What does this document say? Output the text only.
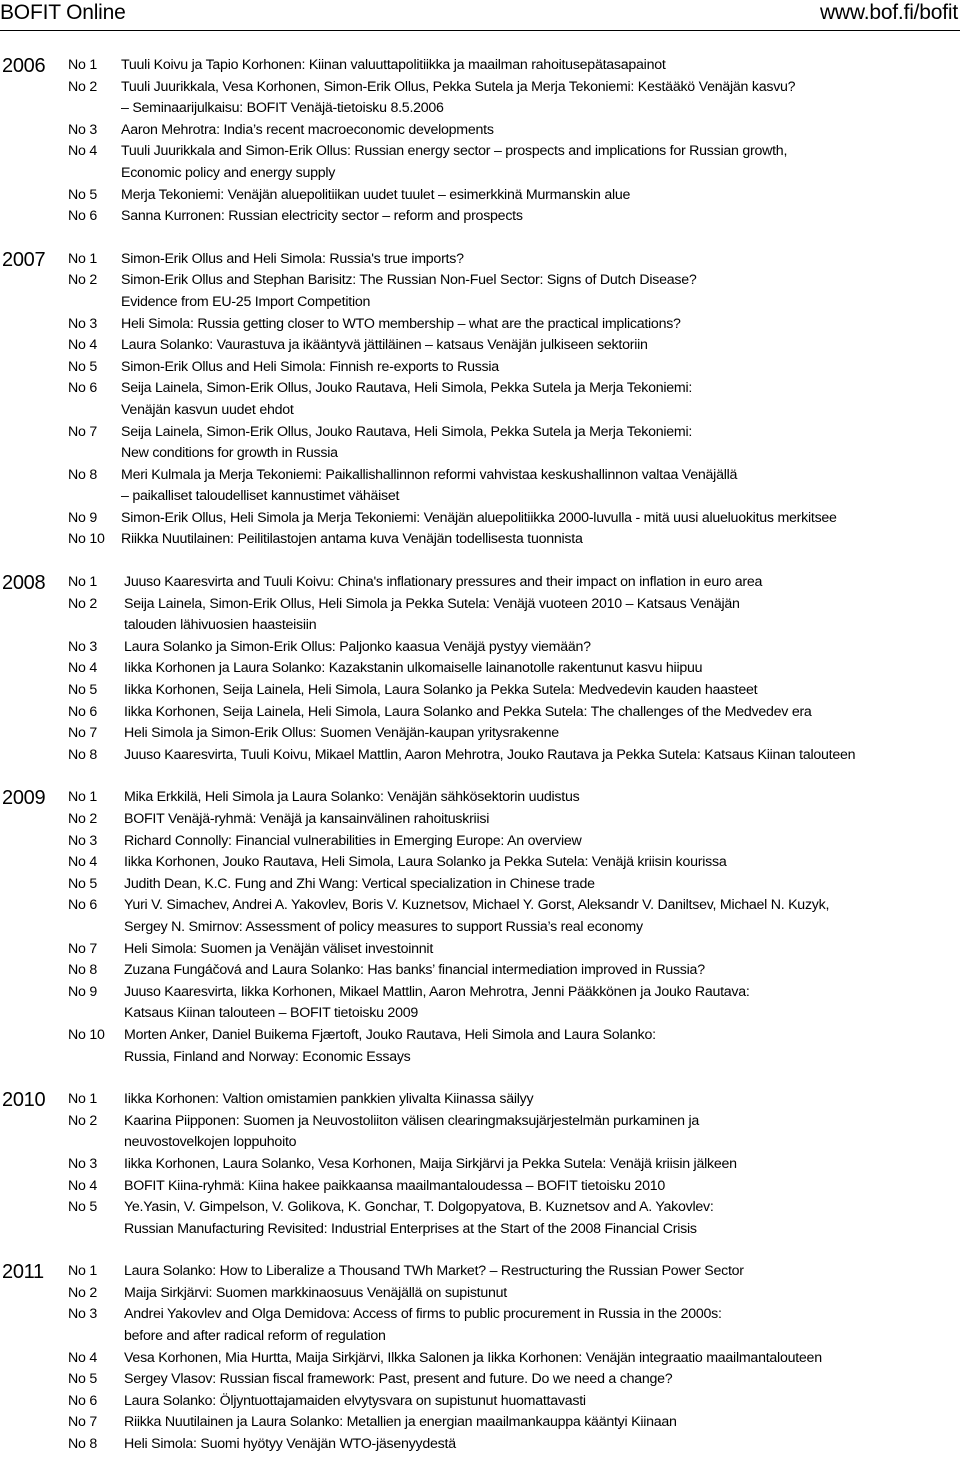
BOFIT Online	www.bof.fi/bofit
2006 No 1 Tuuli Koivu ja Tapio Korhonen: Kiinan valuuttapolitiikka ja maailman rahoitusepätasapainot
No 2 Tuuli Juurikkala, Vesa Korhonen, Simon-Erik Ollus, Pekka Sutela ja Merja Tekoniemi: Kestääkö Venäjän kasvu?
– Seminaarijulkaisu: BOFIT Venäjä-tietoisku 8.5.2006
No 3 Aaron Mehrotra: India’s recent macroeconomic developments
No 4 Tuuli Juurikkala and Simon-Erik Ollus: Russian energy sector – prospects and implications for Russian growth,
Economic policy and energy supply
No 5 Merja Tekoniemi: Venäjän aluepolitiikan uudet tuulet – esimerkkinä Murmanskin alue
No 6 Sanna Kurronen: Russian electricity sector – reform and prospects
2007 No 1 Simon-Erik Ollus and Heli Simola: Russia's true imports?
No 2 Simon-Erik Ollus and Stephan Barisitz: The Russian Non-Fuel Sector: Signs of Dutch Disease?
Evidence from EU-25 Import Competition
No 3 Heli Simola: Russia getting closer to WTO membership – what are the practical implications?
No 4 Laura Solanko: Vaurastuva ja ikääntyvä jättiläinen – katsaus Venäjän julkiseen sektoriin
No 5 Simon-Erik Ollus and Heli Simola: Finnish re-exports to Russia
No 6 Seija Lainela, Simon-Erik Ollus, Jouko Rautava, Heli Simola, Pekka Sutela ja Merja Tekoniemi:
Venäjän kasvun uudet ehdot
No 7 Seija Lainela, Simon-Erik Ollus, Jouko Rautava, Heli Simola, Pekka Sutela ja Merja Tekoniemi:
New conditions for growth in Russia
No 8 Meri Kulmala ja Merja Tekoniemi: Paikallishallinnon reformi vahvistaa keskushallinnon valtaa Venäjällä
– paikalliset taloudelliset kannustimet vähäiset
No 9 Simon-Erik Ollus, Heli Simola ja Merja Tekoniemi: Venäjän aluepolitiikka 2000-luvulla - mitä uusi alueluokitus merkitsee
No 10 Riikka Nuutilainen: Peilitilastojen antama kuva Venäjän todellisesta tuonnista
2008 No 1 Juuso Kaaresvirta and Tuuli Koivu: China's inflationary pressures and their impact on inflation in euro area
No 2 Seija Lainela, Simon-Erik Ollus, Heli Simola ja Pekka Sutela: Venäjä vuoteen 2010 – Katsaus Venäjän
talouden lähivuosien haasteisiin
No 3 Laura Solanko ja Simon-Erik Ollus: Paljonko kaasua Venäjä pystyy viemään?
No 4 Iikka Korhonen ja Laura Solanko: Kazakstanin ulkomaiselle lainanotolle rakentunut kasvu hiipuu
No 5 Iikka Korhonen, Seija Lainela, Heli Simola, Laura Solanko ja Pekka Sutela: Medvedevin kauden haasteet
No 6 Iikka Korhonen, Seija Lainela, Heli Simola, Laura Solanko and Pekka Sutela: The challenges of the Medvedev era
No 7 Heli Simola ja Simon-Erik Ollus: Suomen Venäjän-kaupan yritysrakenne
No 8 Juuso Kaaresvirta, Tuuli Koivu, Mikael Mattlin, Aaron Mehrotra, Jouko Rautava ja Pekka Sutela: Katsaus Kiinan talouteen
2009 No 1 Mika Erkkilä, Heli Simola ja Laura Solanko: Venäjän sähkösektorin uudistus
No 2 BOFIT Venäjä-ryhmä: Venäjä ja kansainvälinen rahoituskriisi
No 3 Richard Connolly: Financial vulnerabilities in Emerging Europe: An overview
No 4 Iikka Korhonen, Jouko Rautava, Heli Simola, Laura Solanko ja Pekka Sutela: Venäjä kriisin kourissa
No 5 Judith Dean, K.C. Fung and Zhi Wang: Vertical specialization in Chinese trade
No 6 Yuri V. Simachev, Andrei A. Yakovlev, Boris V. Kuznetsov, Michael Y. Gorst, Aleksandr V. Daniltsev, Michael N. Kuzyk,
Sergey N. Smirnov: Assessment of policy measures to support Russia’s real economy
No 7 Heli Simola: Suomen ja Venäjän väliset investoinnit
No 8 Zuzana Fungáčová and Laura Solanko: Has banks’ financial intermediation improved in Russia?
No 9 Juuso Kaaresvirta, Iikka Korhonen, Mikael Mattlin, Aaron Mehrotra, Jenni Pääkkönen ja Jouko Rautava:
Katsaus Kiinan talouteen – BOFIT tietoisku 2009
No 10 Morten Anker, Daniel Buikema Fjærtoft, Jouko Rautava, Heli Simola and Laura Solanko:
Russia, Finland and Norway: Economic Essays
2010 No 1 Iikka Korhonen: Valtion omistamien pankkien ylivalta Kiinassa säilyy
No 2 Kaarina Piipponen: Suomen ja Neuvostoliiton välisen clearingmaksujärjestelmän purkaminen ja
neuvostovelkojen loppuhoito
No 3 Iikka Korhonen, Laura Solanko, Vesa Korhonen, Maija Sirkjärvi ja Pekka Sutela: Venäjä kriisin jälkeen
No 4 BOFIT Kiina-ryhmä: Kiina hakee paikkaansa maailmantaloudessa – BOFIT tietoisku 2010
No 5 Ye.Yasin, V. Gimpelson, V. Golikova, K. Gonchar, T. Dolgopyatova, B. Kuznetsov and A. Yakovlev:
Russian Manufacturing Revisited: Industrial Enterprises at the Start of the 2008 Financial Crisis
2011 No 1 Laura Solanko: How to Liberalize a Thousand TWh Market? – Restructuring the Russian Power Sector
No 2 Maija Sirkjärvi: Suomen markkinaosuus Venäjällä on supistunut
No 3 Andrei Yakovlev and Olga Demidova: Access of firms to public procurement in Russia in the 2000s:
before and after radical reform of regulation
No 4 Vesa Korhonen, Mia Hurtta, Maija Sirkjärvi, Ilkka Salonen ja Iikka Korhonen: Venäjän integraatio maailmantalouteen
No 5 Sergey Vlasov: Russian fiscal framework: Past, present and future. Do we need a change?
No 6 Laura Solanko: Öljyntuottajamaiden elvytysvara on supistunut huomattavasti
No 7 Riikka Nuutilainen ja Laura Solanko: Metallien ja energian maailmankauppa kääntyi Kiinaan
No 8 Heli Simola: Suomi hyötyy Venäjän WTO-jäsenyydestä
